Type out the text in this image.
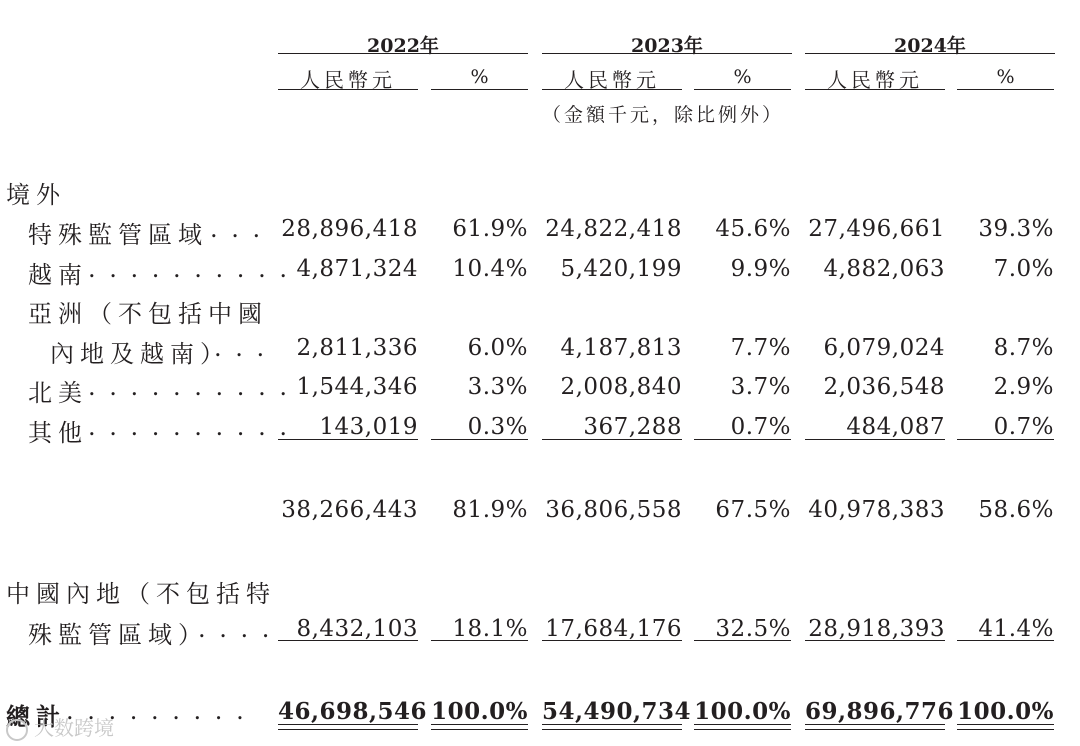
2022年	2023年	2024年
人民幣元	%	人民幣元	%	人民幣元	%
（金額千元，除比例外）
境外
特殊監管區域 . . . 28,896,418	61.9% 24,822,418	45.6% 27,496,661	39.3%
越南 . . . . . . . . . . 4,871,324	10.4%	5,420,199	9.9%	4,882,063	7.0%
亞洲（不包括中國
內地及越南）
. . .	2,811,336	6.0%	4,187,813	7.7%	6,079,024	8.7%
北美 . . . . . . . . . . 1,544,346	3.3%	2,008,840	3.7%	2,036,548	2.9%
其他 . . . . . . . . . .	143,019	0.3%	367,288	0.7%	484,087	0.7%
38,266,443	81.9% 36,806,558	67.5% 40,978,383	58.6%
中國內地（不包括特
殊監管區域）
. . . .	8,432,103	18.1% 17,684,176	32.5% 28,918,393	41.4%
總計 . . . . . . . . . 46,698,546 100.0% 54,490,734 100.0% 69,896,776 100.0%
大数跨境
